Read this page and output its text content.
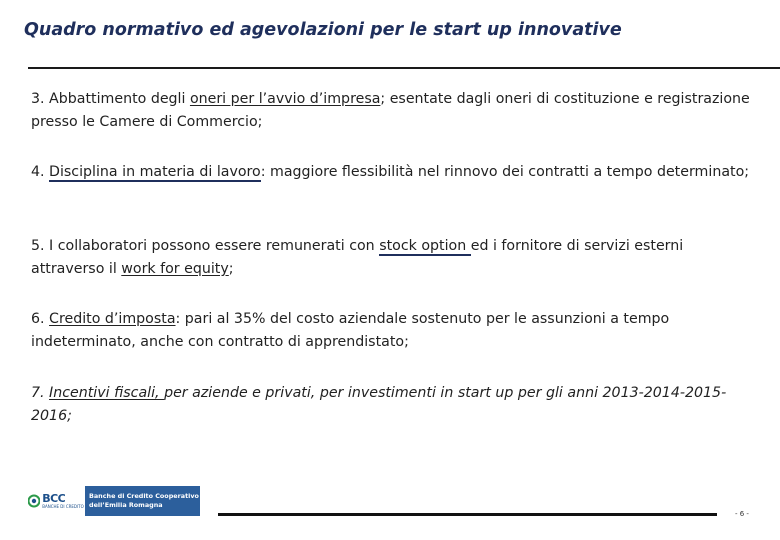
Quadro normativo ed agevolazioni per le start up innovative
3. Abbattimento degli oneri per l’avvio d’impresa; esentate dagli oneri di costituzione e registrazione presso le Camere di Commercio;
4. Disciplina in materia di lavoro: maggiore flessibilità nel rinnovo dei contratti a tempo determinato;
5. I collaboratori possono essere remunerati con stock option ed i fornitore di servizi esterni attraverso il work for equity;
6. Credito d’imposta: pari al 35% del costo aziendale sostenuto per le assunzioni a tempo indeterminato, anche con contratto di apprendistato;
7. Incentivi fiscali, per aziende e privati, per investimenti in start up per gli anni 2013-2014-2015-2016;
BCC
BANCHE DI CREDITO
Banche di Credito Cooperativo
dell’Emilia Romagna
- 6 -
